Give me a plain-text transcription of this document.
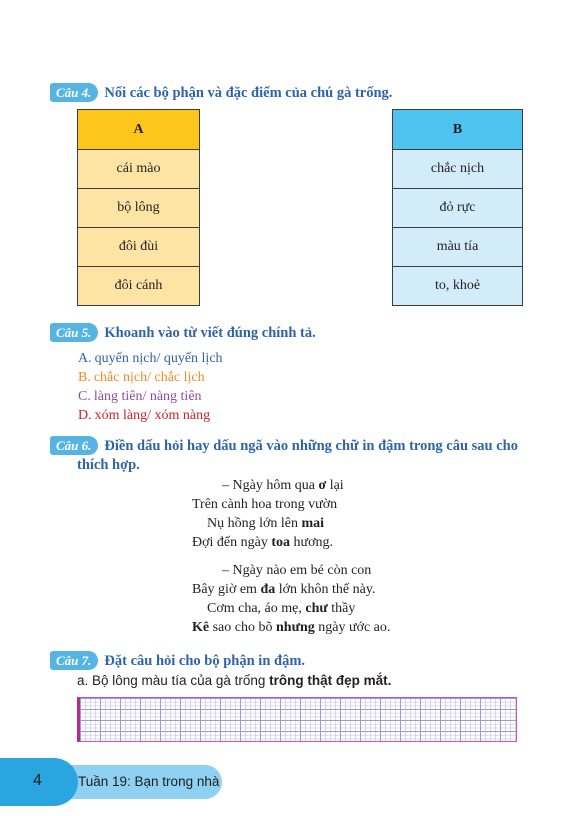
Câu 4. Nối các bộ phận và đặc điểm của chú gà trống.
A
cái mào
bộ lông
đôi đùi
đôi cánh
B
chắc nịch
đỏ rực
màu tía
to, khoẻ
Câu 5. Khoanh vào từ viết đúng chính tả.
A. quyến nịch/ quyến lịch
B. chắc nịch/ chắc lịch
C. làng tiên/ nàng tiên
D. xóm làng/ xóm nàng
Câu 6. Điền dấu hỏi hay dấu ngã vào những chữ in đậm trong câu sau cho
thích hợp.
– Ngày hôm qua ơ lại
Trên cành hoa trong vườn
Nụ hồng lớn lên mai
Đợi đến ngày toa hương.
– Ngày nào em bé còn con
Bây giờ em đa lớn khôn thế này.
Cơm cha, áo mẹ, chư thầy
Kê sao cho bõ nhưng ngày ước ao.
Câu 7. Đặt câu hỏi cho bộ phận in đậm.
a. Bộ lông màu tía của gà trống trông thật đẹp mắt.
4	Tuần 19: Bạn trong nhà
